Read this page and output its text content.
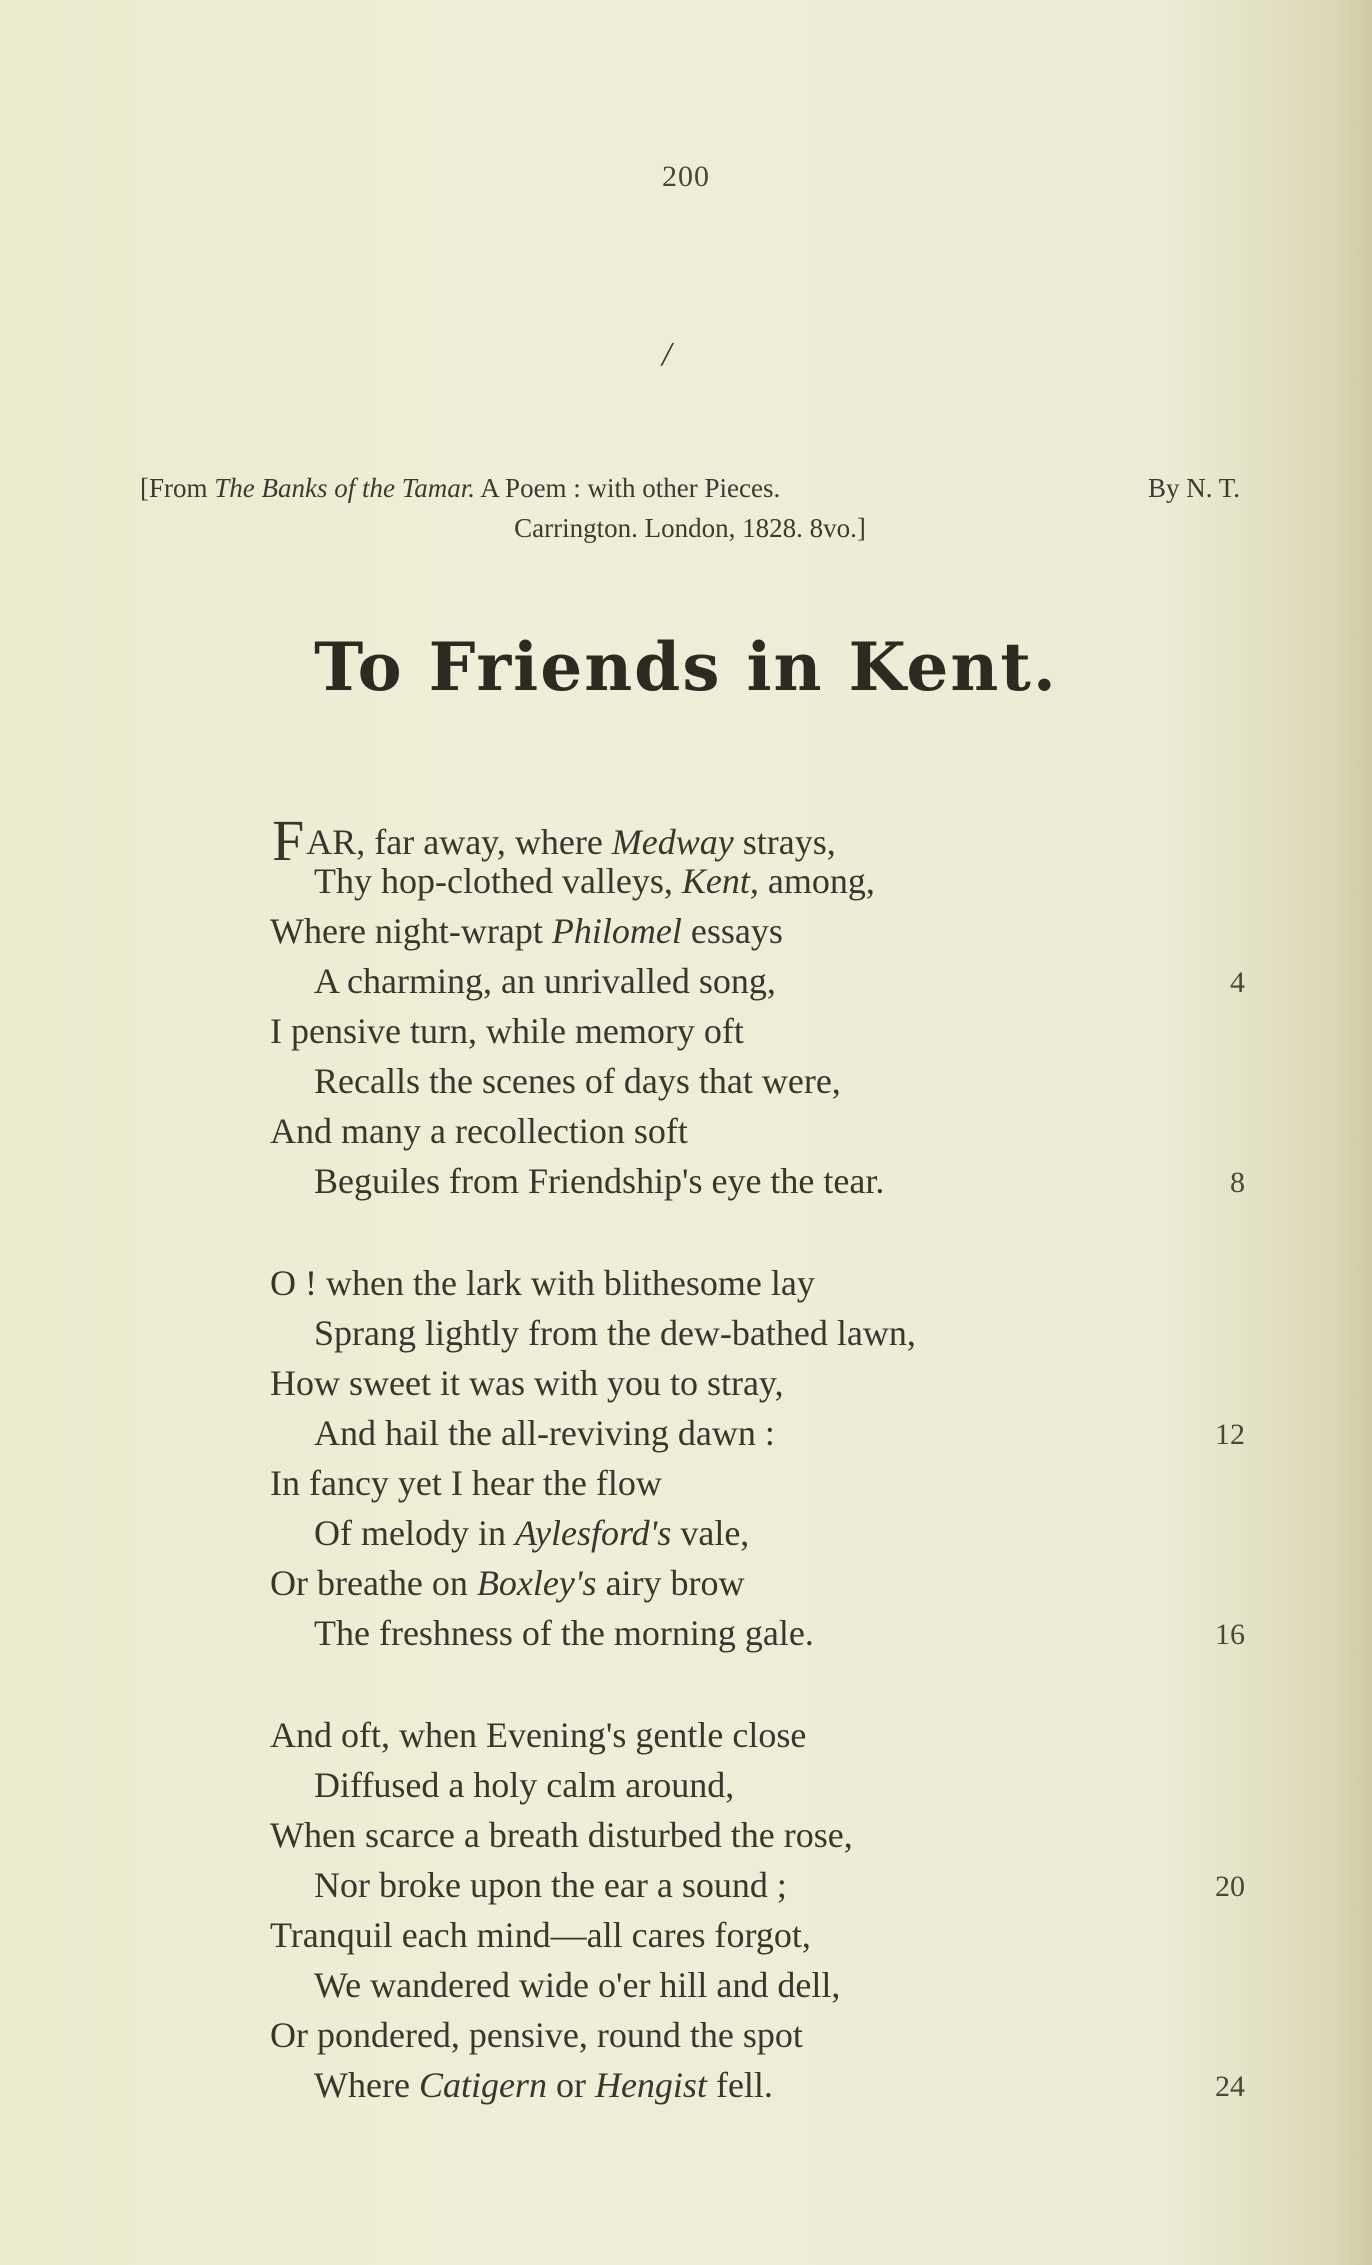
200
/
[From The Banks of the Tamar. A Poem : with other Pieces.	By N. T.
Carrington. London, 1828. 8vo.]
To Friends in Kent.
FAR, far away, where Medway strays,
Thy hop-clothed valleys, Kent, among,
Where night-wrapt Philomel essays
A charming, an unrivalled song,
I pensive turn, while memory oft
Recalls the scenes of days that were,
And many a recollection soft
Beguiles from Friendship's eye the tear.
O ! when the lark with blithesome lay
Sprang lightly from the dew-bathed lawn,
How sweet it was with you to stray,
And hail the all-reviving dawn :
In fancy yet I hear the flow
Of melody in Aylesford's vale,
Or breathe on Boxley's airy brow
The freshness of the morning gale.
And oft, when Evening's gentle close
Diffused a holy calm around,
When scarce a breath disturbed the rose,
Nor broke upon the ear a sound ;
Tranquil each mind—all cares forgot,
We wandered wide o'er hill and dell,
Or pondered, pensive, round the spot
Where Catigern or Hengist fell.
4
8
12
16
20
24
